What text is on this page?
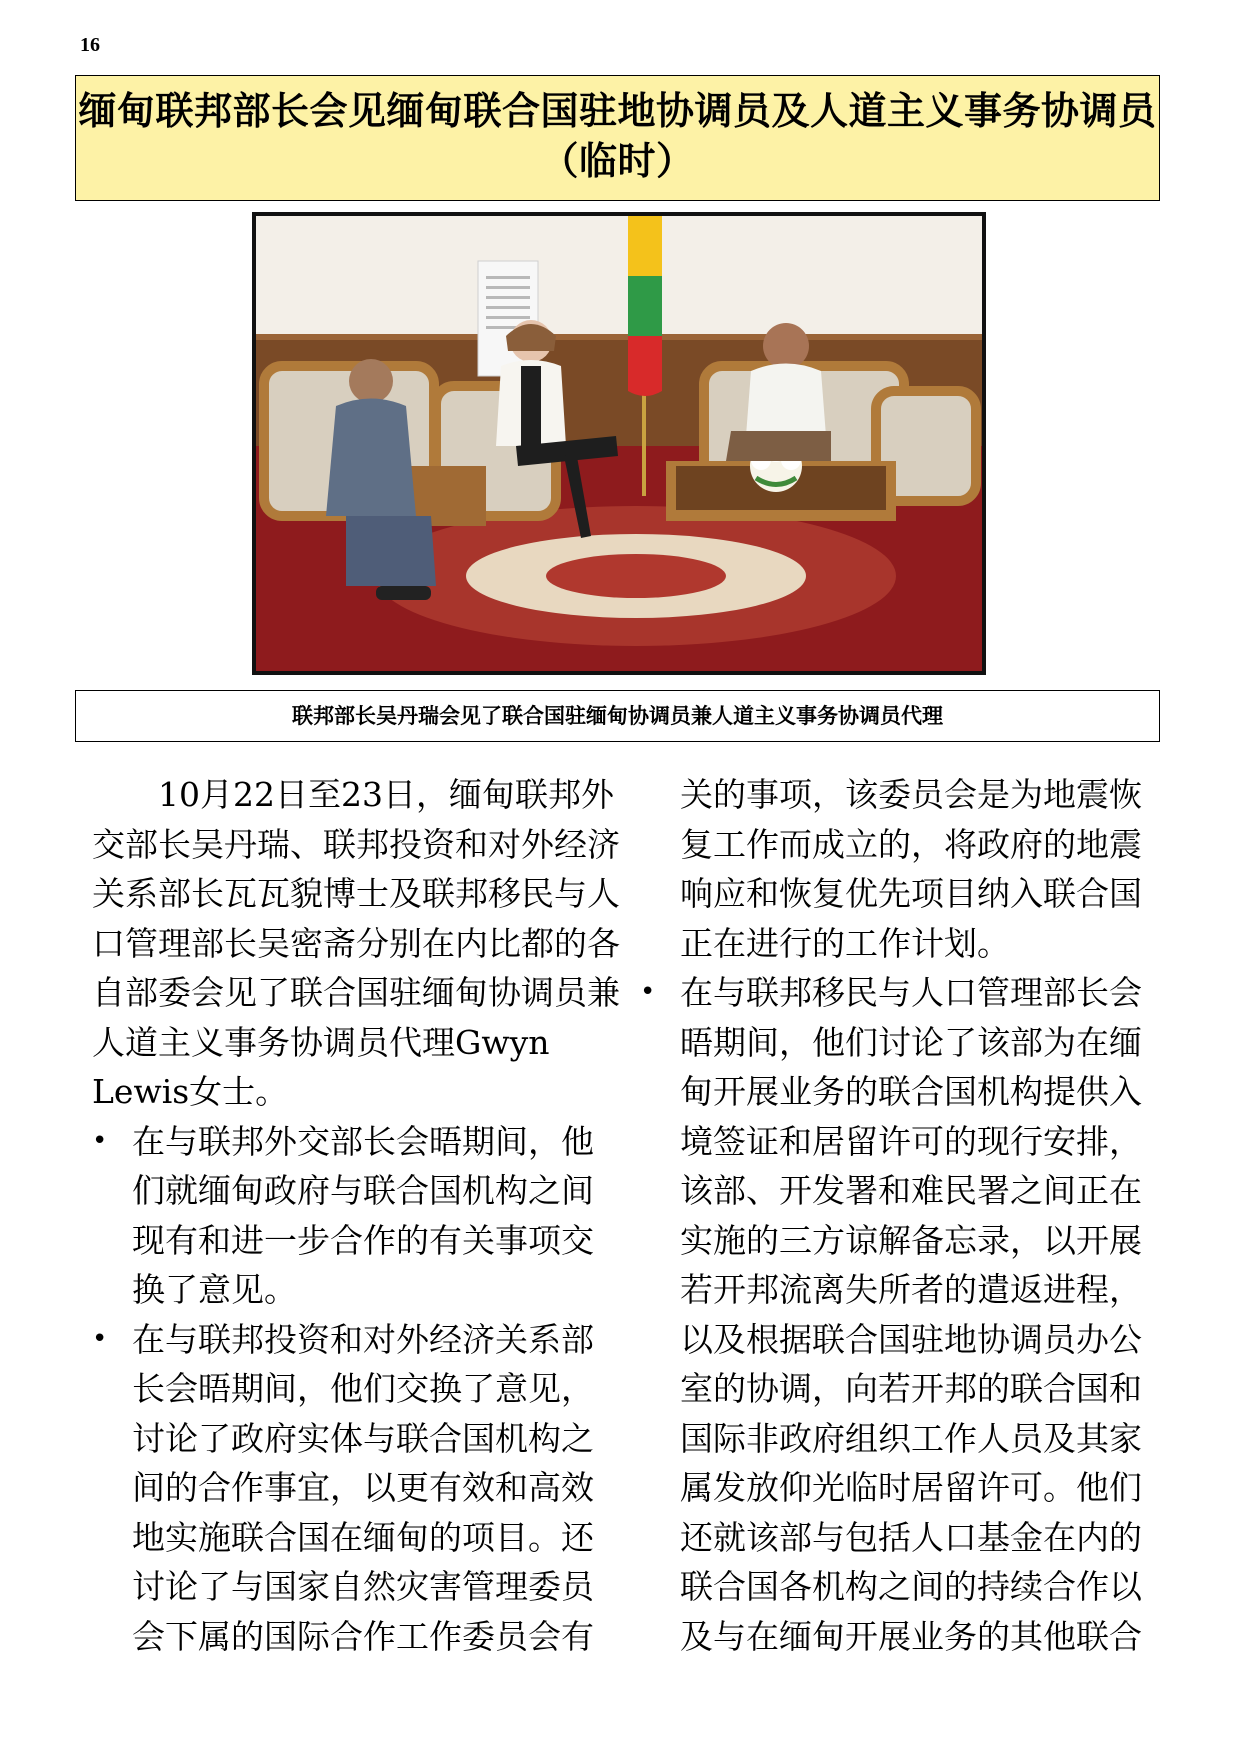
16
缅甸联邦部长会见缅甸联合国驻地协调员及人道主义事务协调员
（临时）
联邦部长吴丹瑞会见了联合国驻缅甸协调员兼人道主义事务协调员代理

10月22日至23日，缅甸联邦外交部长吴丹瑞、联邦投资和对外经济关系部长瓦瓦貌博士及联邦移民与人口管理部长吴密斋分别在内比都的各自部委会见了联合国驻缅甸协调员兼人道主义事务协调员代理Gwyn Lewis女士。

• 在与联邦外交部长会晤期间，他们就缅甸政府与联合国机构之间现有和进一步合作的有关事项交换了意见。
• 在与联邦投资和对外经济关系部长会晤期间，他们交换了意见，讨论了政府实体与联合国机构之间的合作事宜，以更有效和高效地实施联合国在缅甸的项目。还讨论了与国家自然灾害管理委员会下属的国际合作工作委员会有

关的事项，该委员会是为地震恢复工作而成立的，将政府的地震响应和恢复优先项目纳入联合国正在进行的工作计划。

• 在与联邦移民与人口管理部长会晤期间，他们讨论了该部为在缅甸开展业务的联合国机构提供入境签证和居留许可的现行安排，该部、开发署和难民署之间正在实施的三方谅解备忘录，以开展若开邦流离失所者的遣返进程，以及根据联合国驻地协调员办公室的协调，向若开邦的联合国和国际非政府组织工作人员及其家属发放仰光临时居留许可。他们还就该部与包括人口基金在内的联合国各机构之间的持续合作以及与在缅甸开展业务的其他联合
